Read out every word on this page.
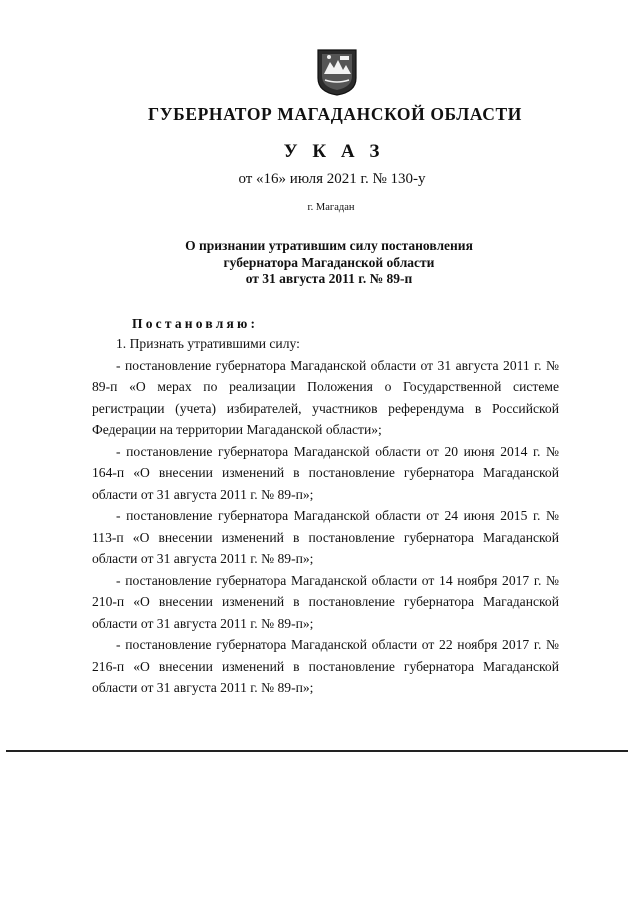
ГУБЕРНАТОР МАГАДАНСКОЙ ОБЛАСТИ
У К А З
от «16» июля 2021 г. № 130-у
г. Магадан
О признании утратившим силу постановления
губернатора Магаданской области
от 31 августа 2011 г. № 89-п
Постановляю:

1. Признать утратившими силу:

- постановление губернатора Магаданской области от 31 августа 2011 г. № 89-п «О мерах по реализации Положения о Государственной системе регистрации (учета) избирателей, участников референдума в Российской Федерации на территории Магаданской области»;

- постановление губернатора Магаданской области от 20 июня 2014 г. № 164-п «О внесении изменений в постановление губернатора Магаданской области от 31 августа 2011 г. № 89-п»;

- постановление губернатора Магаданской области от 24 июня 2015 г. № 113-п «О внесении изменений в постановление губернатора Магаданской области от 31 августа 2011 г. № 89-п»;

- постановление губернатора Магаданской области от 14 ноября 2017 г. № 210-п «О внесении изменений в постановление губернатора Магаданской области от 31 августа 2011 г. № 89-п»;

- постановление губернатора Магаданской области от 22 ноября 2017 г. № 216-п «О внесении изменений в постановление губернатора Магаданской области от 31 августа 2011 г. № 89-п»;
